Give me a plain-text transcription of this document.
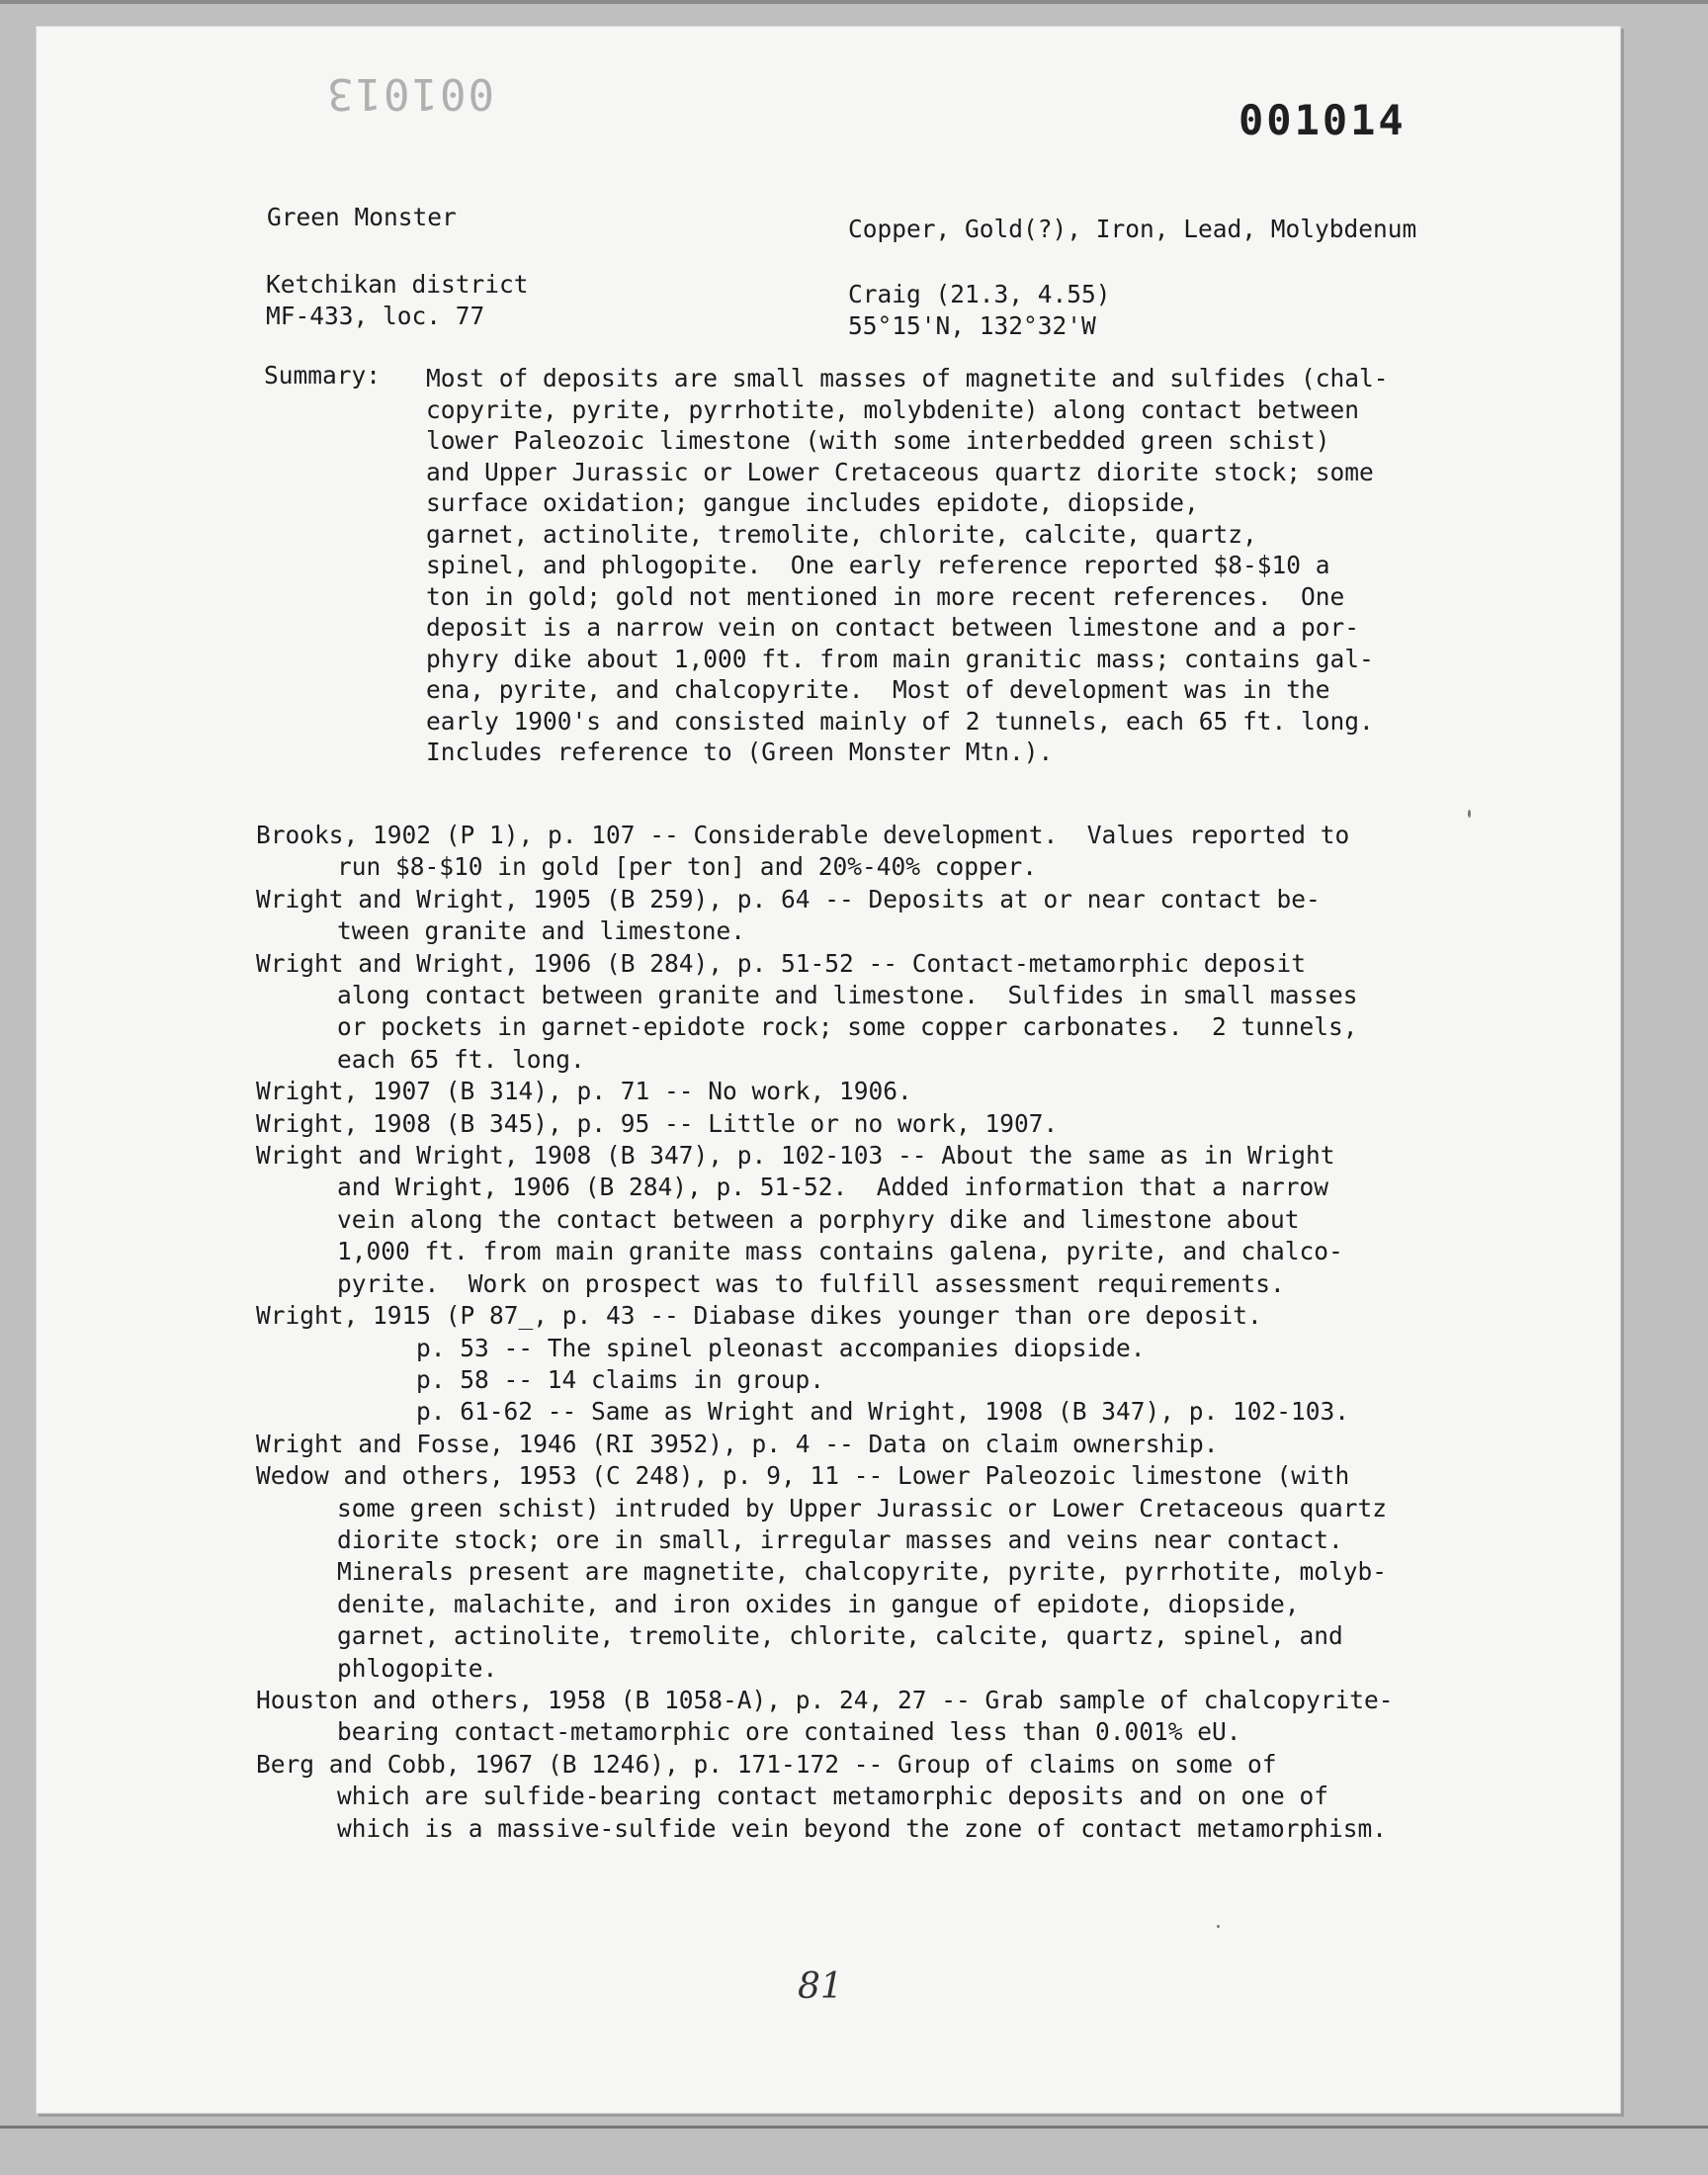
001013
001014
Green Monster	Copper, Gold(?), Iron, Lead, Molybdenum
Ketchikan district
MF-433, loc. 77
Craig (21.3, 4.55)
55°15'N, 132°32'W
Summary: Most of deposits are small masses of magnetite and sulfides (chal-
copyrite, pyrite, pyrrhotite, molybdenite) along contact between
lower Paleozoic limestone (with some interbedded green schist)
and Upper Jurassic or Lower Cretaceous quartz diorite stock; some
surface oxidation; gangue includes epidote, diopside,
garnet, actinolite, tremolite, chlorite, calcite, quartz,
spinel, and phlogopite.  One early reference reported $8-$10 a
ton in gold; gold not mentioned in more recent references.  One
deposit is a narrow vein on contact between limestone and a por-
phyry dike about 1,000 ft. from main granitic mass; contains gal-
ena, pyrite, and chalcopyrite.  Most of development was in the
early 1900's and consisted mainly of 2 tunnels, each 65 ft. long.
Includes reference to (Green Monster Mtn.).
Brooks, 1902 (P 1), p. 107 -- Considerable development.  Values reported to
run $8-$10 in gold [per ton] and 20%-40% copper.
Wright and Wright, 1905 (B 259), p. 64 -- Deposits at or near contact be-
tween granite and limestone.
Wright and Wright, 1906 (B 284), p. 51-52 -- Contact-metamorphic deposit
along contact between granite and limestone.  Sulfides in small masses
or pockets in garnet-epidote rock; some copper carbonates.  2 tunnels,
each 65 ft. long.
Wright, 1907 (B 314), p. 71 -- No work, 1906.
Wright, 1908 (B 345), p. 95 -- Little or no work, 1907.
Wright and Wright, 1908 (B 347), p. 102-103 -- About the same as in Wright
and Wright, 1906 (B 284), p. 51-52.  Added information that a narrow
vein along the contact between a porphyry dike and limestone about
1,000 ft. from main granite mass contains galena, pyrite, and chalco-
pyrite.  Work on prospect was to fulfill assessment requirements.
Wright, 1915 (P 87_, p. 43 -- Diabase dikes younger than ore deposit.
p. 53 -- The spinel pleonast accompanies diopside.
p. 58 -- 14 claims in group.
p. 61-62 -- Same as Wright and Wright, 1908 (B 347), p. 102-103.
Wright and Fosse, 1946 (RI 3952), p. 4 -- Data on claim ownership.
Wedow and others, 1953 (C 248), p. 9, 11 -- Lower Paleozoic limestone (with
some green schist) intruded by Upper Jurassic or Lower Cretaceous quartz
diorite stock; ore in small, irregular masses and veins near contact.
Minerals present are magnetite, chalcopyrite, pyrite, pyrrhotite, molyb-
denite, malachite, and iron oxides in gangue of epidote, diopside,
garnet, actinolite, tremolite, chlorite, calcite, quartz, spinel, and
phlogopite.
Houston and others, 1958 (B 1058-A), p. 24, 27 -- Grab sample of chalcopyrite-
bearing contact-metamorphic ore contained less than 0.001% eU.
Berg and Cobb, 1967 (B 1246), p. 171-172 -- Group of claims on some of
which are sulfide-bearing contact metamorphic deposits and on one of
which is a massive-sulfide vein beyond the zone of contact metamorphism.
81
